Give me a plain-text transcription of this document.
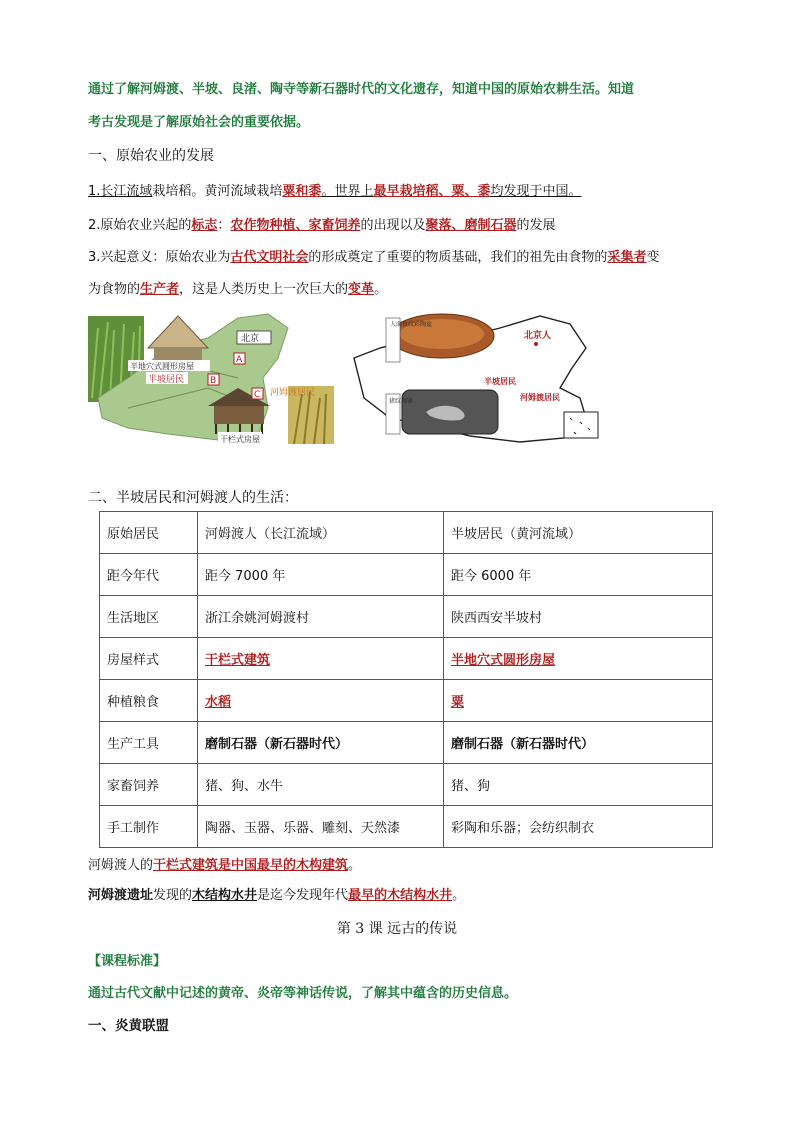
通过了解河姆渡、半坡、良渚、陶寺等新石器时代的文化遗存，知道中国的原始农耕生活。知道
考古发现是了解原始社会的重要依据。
一、原始农业的发展
1.长江流域栽培稻。黄河流域栽培粟和黍。世界上最早栽培稻、粟、黍均发现于中国。
2.原始农业兴起的标志：农作物种植、家畜饲养的出现以及聚落、磨制石器的发展
3.兴起意义：原始农业为古代文明社会的形成奠定了重要的物质基础，我们的祖先由食物的采集者变
为食物的生产者，这是人类历史上一次巨大的变革。
北京
A
B
C
半地穴式圆形房屋
半坡居民
河姆渡居民
干栏式房屋
人面鱼纹彩陶盆
猪纹陶钵
北京人
半坡居民
河姆渡居民
二、半坡居民和河姆渡人的生活：
原始居民	河姆渡人（长江流域）	半坡居民（黄河流域）
距今年代	距今 7000 年	距今 6000 年
生活地区	浙江余姚河姆渡村	陕西西安半坡村
房屋样式	干栏式建筑	半地穴式圆形房屋
种植粮食	水稻	粟
生产工具	磨制石器（新石器时代）	磨制石器（新石器时代）
家畜饲养	猪、狗、水牛	猪、狗
手工制作	陶器、玉器、乐器、雕刻、天然漆	彩陶和乐器；会纺织制衣
河姆渡人的干栏式建筑是中国最早的木构建筑。
河姆渡遗址发现的木结构水井是迄今发现年代最早的木结构水井。
第 3 课 远古的传说
【课程标准】
通过古代文献中记述的黄帝、炎帝等神话传说，了解其中蕴含的历史信息。
一、炎黄联盟
